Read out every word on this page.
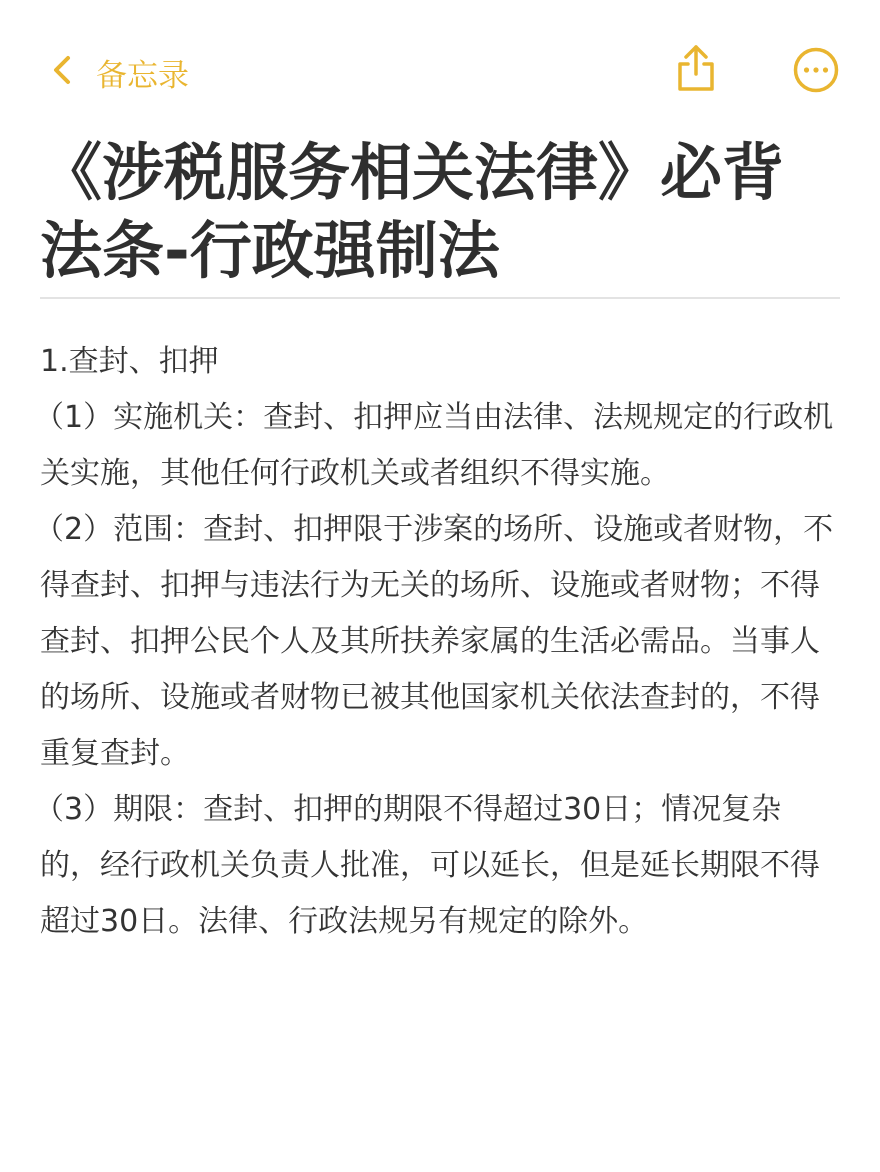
备忘录
《涉税服务相关法律》必背法条-行政强制法

1.查封、扣押

（1）实施机关：查封、扣押应当由法律、法规规定的行政机关实施，其他任何行政机关或者组织不得实施。

（2）范围：查封、扣押限于涉案的场所、设施或者财物，不得查封、扣押与违法行为无关的场所、设施或者财物；不得查封、扣押公民个人及其所扶养家属的生活必需品。当事人的场所、设施或者财物已被其他国家机关依法查封的，不得重复查封。

（3）期限：查封、扣押的期限不得超过30日；情况复杂的，经行政机关负责人批准，可以延长，但是延长期限不得超过30日。法律、行政法规另有规定的除外。
